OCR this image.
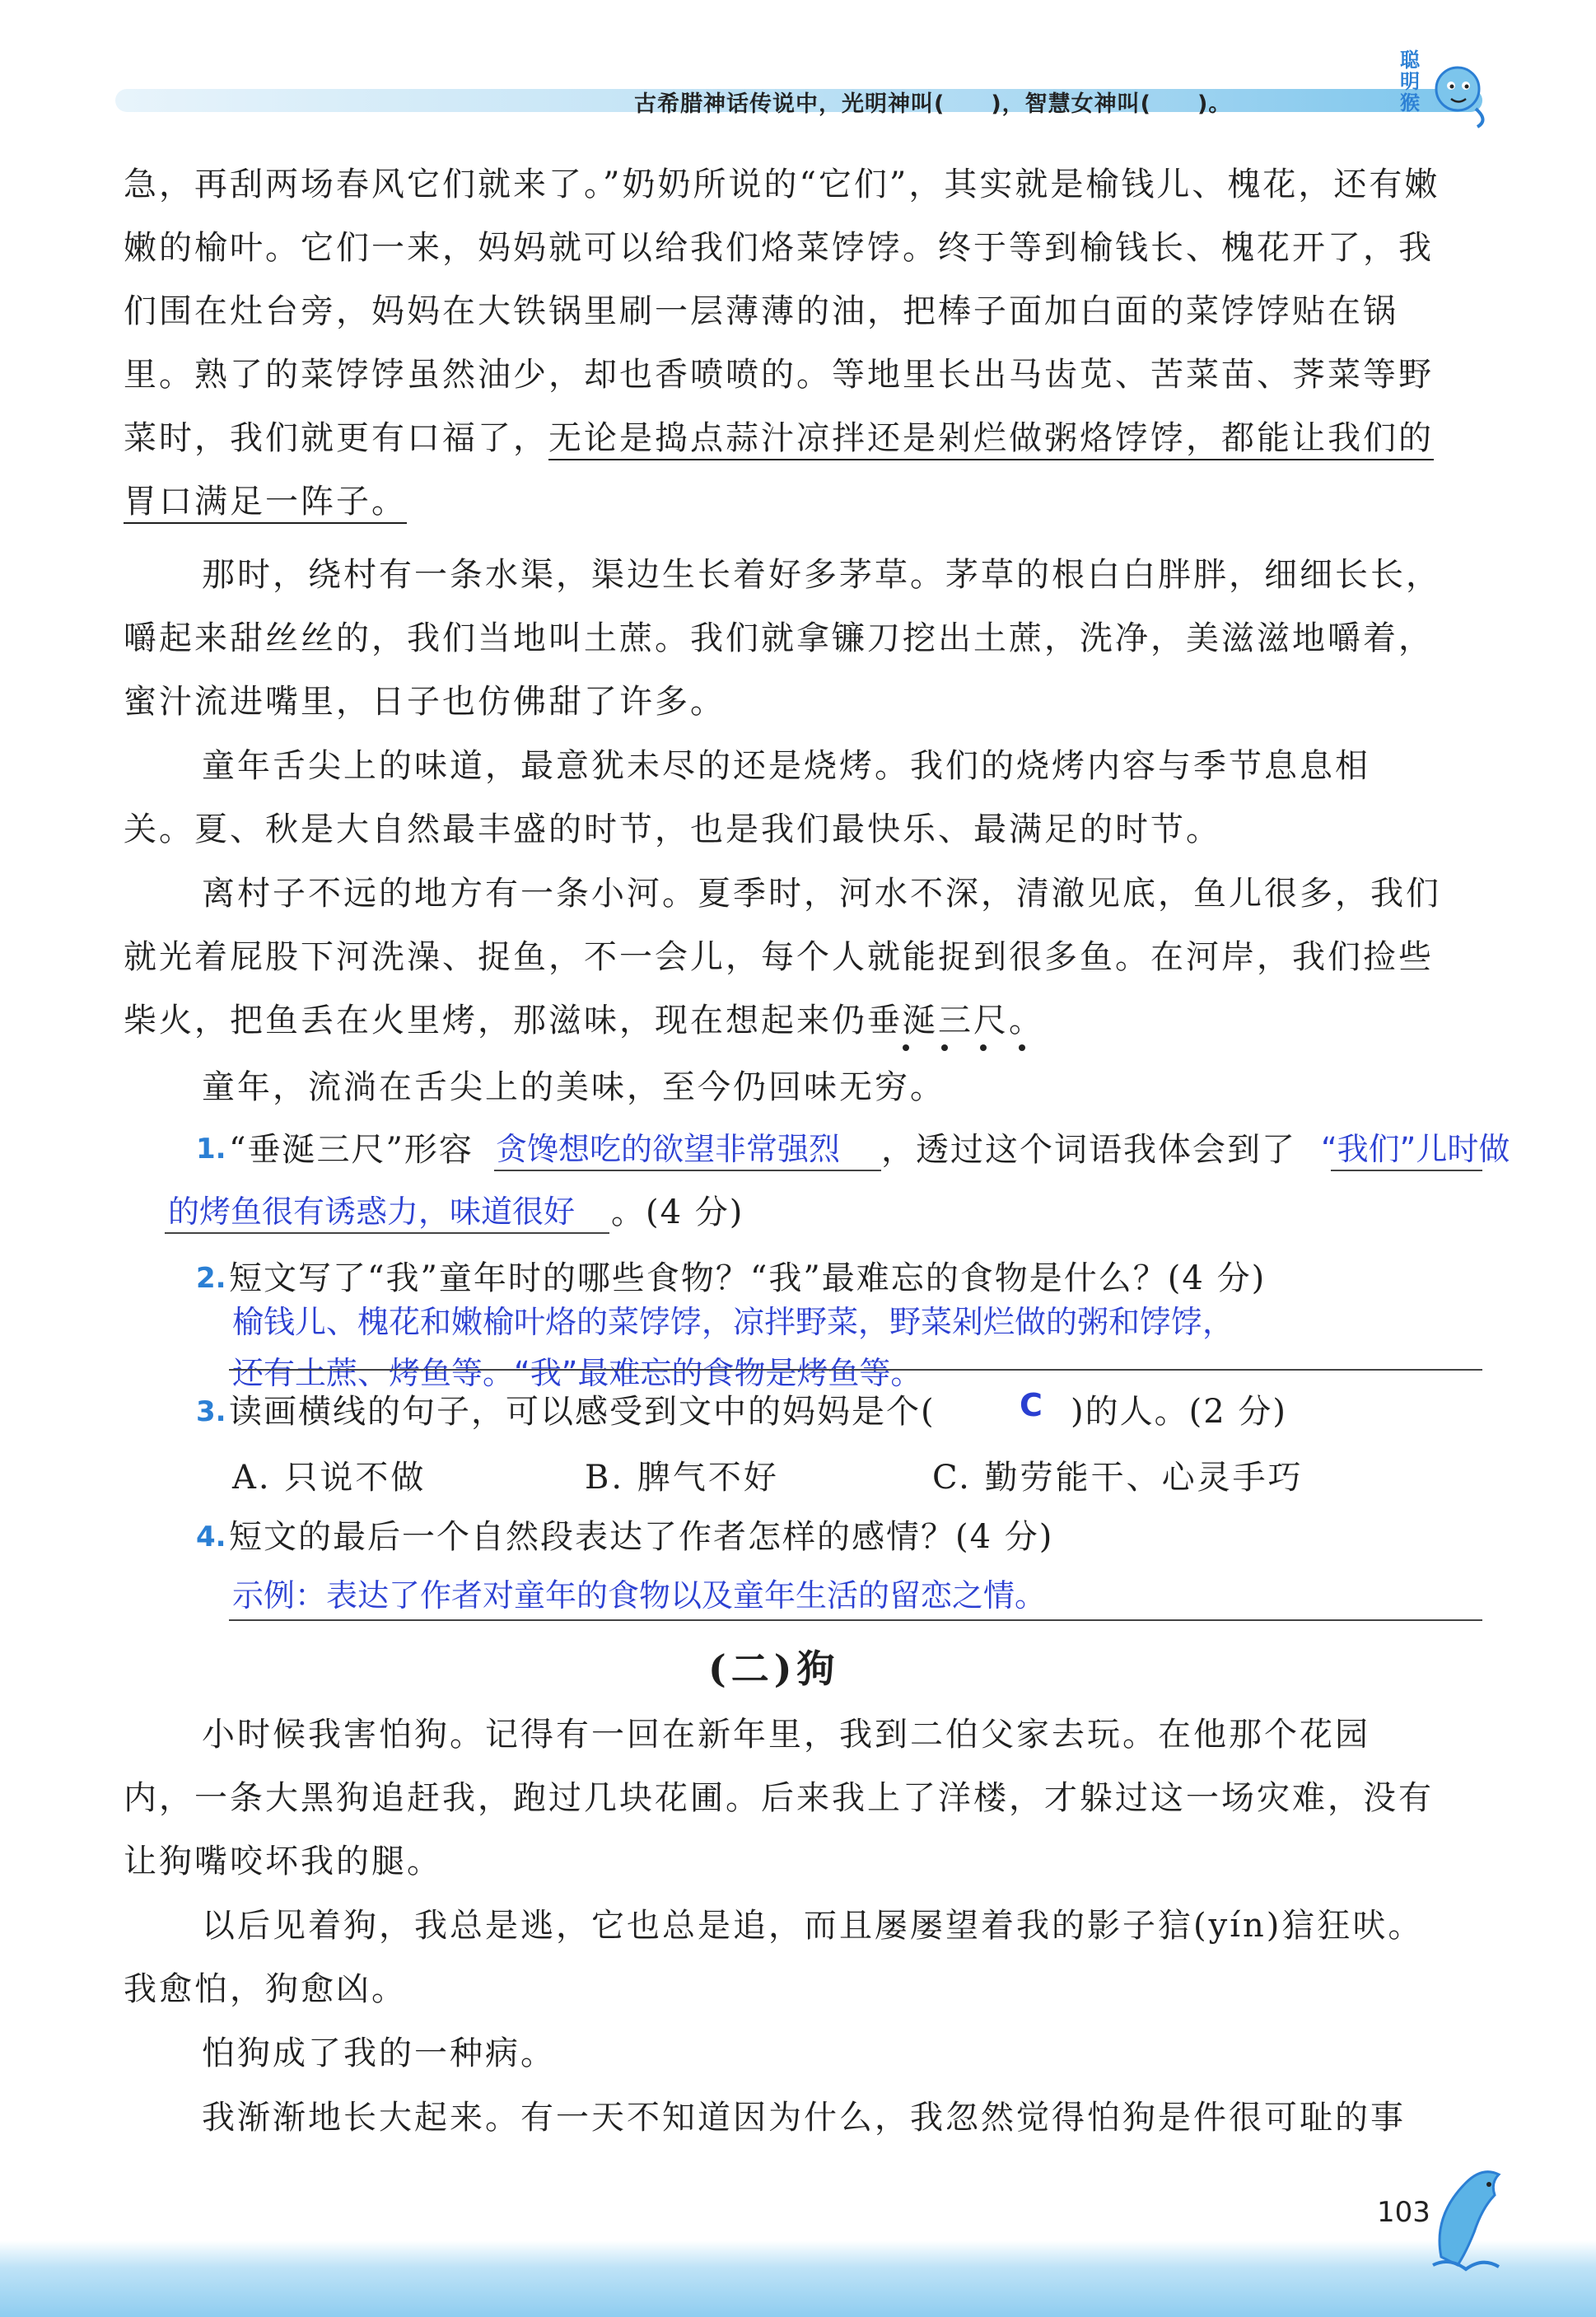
古希腊神话传说中，光明神叫(　　)，智慧女神叫(　　)。
聪明猴
急，再刮两场春风它们就来了。”奶奶所说的“它们”，其实就是榆钱儿、槐花，还有嫩
嫩的榆叶。它们一来，妈妈就可以给我们烙菜饽饽。终于等到榆钱长、槐花开了，我
们围在灶台旁，妈妈在大铁锅里刷一层薄薄的油，把棒子面加白面的菜饽饽贴在锅
里。熟了的菜饽饽虽然油少，却也香喷喷的。等地里长出马齿苋、苦菜苗、荠菜等野
菜时，我们就更有口福了，无论是捣点蒜汁凉拌还是剁烂做粥烙饽饽，都能让我们的
胃口满足一阵子。
那时，绕村有一条水渠，渠边生长着好多茅草。茅草的根白白胖胖，细细长长，
嚼起来甜丝丝的，我们当地叫土蔗。我们就拿镰刀挖出土蔗，洗净，美滋滋地嚼着，
蜜汁流进嘴里，日子也仿佛甜了许多。
童年舌尖上的味道，最意犹未尽的还是烧烤。我们的烧烤内容与季节息息相
关。夏、秋是大自然最丰盛的时节，也是我们最快乐、最满足的时节。
离村子不远的地方有一条小河。夏季时，河水不深，清澈见底，鱼儿很多，我们
就光着屁股下河洗澡、捉鱼，不一会儿，每个人就能捉到很多鱼。在河岸，我们捡些
柴火，把鱼丢在火里烤，那滋味，现在想起来仍垂涎三尺。
童年，流淌在舌尖上的美味，至今仍回味无穷。
1. “垂涎三尺”形容 贪馋想吃的欲望非常强烈 ，透过这个词语我体会到了 “我们”儿时做
的烤鱼很有诱惑力，味道很好 。(4 分)
2. 短文写了“我”童年时的哪些食物？“我”最难忘的食物是什么？(4 分)
榆钱儿、槐花和嫩榆叶烙的菜饽饽，凉拌野菜，野菜剁烂做的粥和饽饽，
还有土蔗、烤鱼等。“我”最难忘的食物是烤鱼等。
3. 读画横线的句子，可以感受到文中的妈妈是个(	C )的人。(2 分)
A. 只说不做	B. 脾气不好	C. 勤劳能干、心灵手巧
4. 短文的最后一个自然段表达了作者怎样的感情？(4 分)
示例：表达了作者对童年的食物以及童年生活的留恋之情。
(二)狗
小时候我害怕狗。记得有一回在新年里，我到二伯父家去玩。在他那个花园
内，一条大黑狗追赶我，跑过几块花圃。后来我上了洋楼，才躲过这一场灾难，没有
让狗嘴咬坏我的腿。
以后见着狗，我总是逃，它也总是追，而且屡屡望着我的影子狺(yín)狺狂吠。
我愈怕，狗愈凶。
怕狗成了我的一种病。
我渐渐地长大起来。有一天不知道因为什么，我忽然觉得怕狗是件很可耻的事
103
